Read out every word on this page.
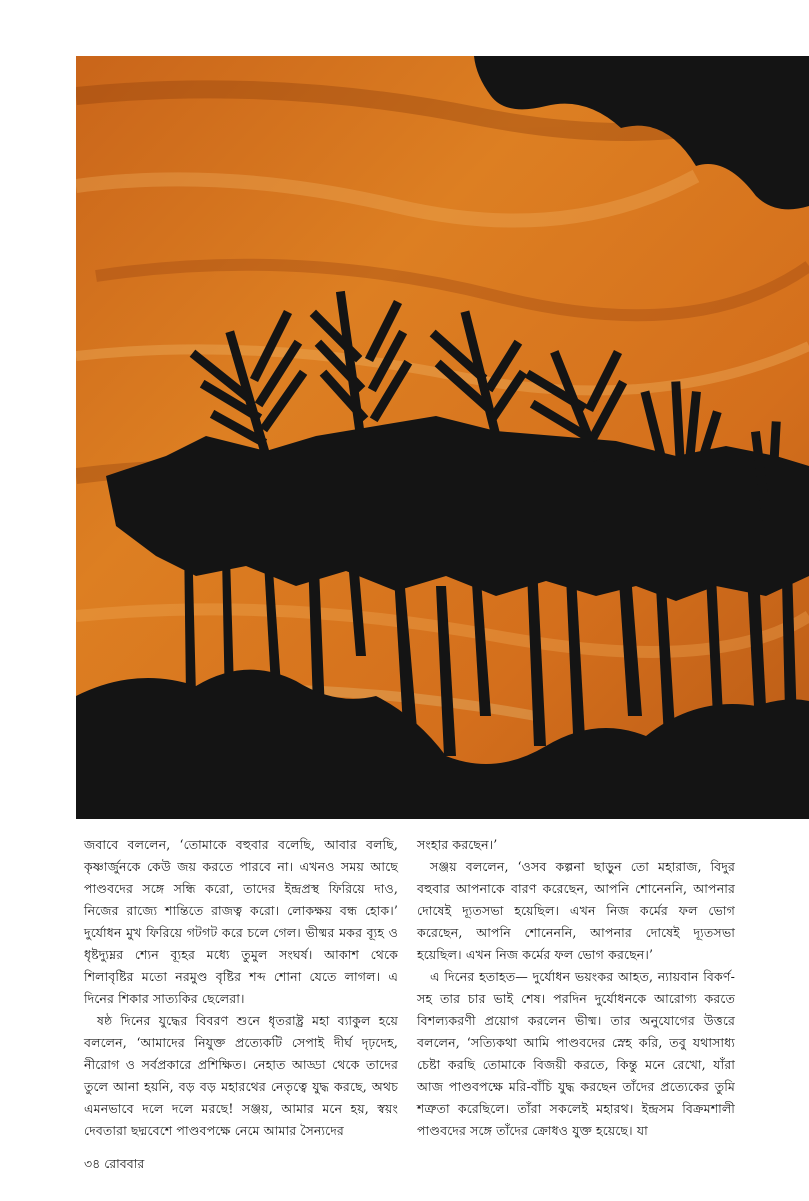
জবাবে বললেন, ‘তোমাকে বহুবার বলেছি, আবার বলছি, কৃষ্ণার্জুনকে কেউ জয় করতে পারবে না। এখনও সময় আছে পাণ্ডবদের সঙ্গে সন্ধি করো, তাদের ইন্দ্রপ্রস্থ ফিরিয়ে দাও, নিজের রাজ্যে শান্তিতে রাজত্ব করো। লোকক্ষয় বন্ধ হোক।’ দুর্যোধন মুখ ফিরিয়ে গটগট করে চলে গেল। ভীষ্মর মকর ব্যূহ ও ধৃষ্টদ্যুম্নর শ্যেন ব্যূহর মধ্যে তুমুল সংঘর্ষ। আকাশ থেকে শিলাবৃষ্টির মতো নরমুণ্ড বৃষ্টির শব্দ শোনা যেতে লাগল। এ দিনের শিকার সাত্যকির ছেলেরা।

ষষ্ঠ দিনের যুদ্ধের বিবরণ শুনে ধৃতরাষ্ট্র মহা ব্যাকুল হয়ে বললেন, ‘আমাদের নিযুক্ত প্রত্যেকটি সেপাই দীর্ঘ দৃঢ়দেহ, নীরোগ ও সর্বপ্রকারে প্রশিক্ষিত। নেহাত আড্ডা থেকে তাদের তুলে আনা হয়নি, বড় বড় মহারথের নেতৃত্বে যুদ্ধ করছে, অথচ এমনভাবে দলে দলে মরছে! সঞ্জয়, আমার মনে হয়, স্বয়ং দেবতারা ছদ্মবেশে পাণ্ডবপক্ষে নেমে আমার সৈন্যদের

সংহার করছেন।’

সঞ্জয় বললেন, ‘ওসব কল্পনা ছাড়ুন তো মহারাজ, বিদুর বহুবার আপনাকে বারণ করেছেন, আপনি শোনেননি, আপনার দোষেই দ্যূতসভা হয়েছিল। এখন নিজ কর্মের ফল ভোগ করেছেন, আপনি শোনেননি, আপনার দোষেই দ্যূতসভা হয়েছিল। এখন নিজ কর্মের ফল ভোগ করছেন।’

এ দিনের হতাহত— দুর্যোধন ভয়ংকর আহত, ন্যায়বান বিকর্ণ-সহ তার চার ভাই শেষ। পরদিন দুর্যোধনকে আরোগ্য করতে বিশল্যকরণী প্রয়োগ করলেন ভীষ্ম। তার অনুযোগের উত্তরে বললেন, ‘সত্যিকথা আমি পাণ্ডবদের স্নেহ করি, তবু যথাসাধ্য চেষ্টা করছি তোমাকে বিজয়ী করতে, কিন্তু মনে রেখো, যাঁরা আজ পাণ্ডবপক্ষে মরি-বাঁচি যুদ্ধ করছেন তাঁদের প্রত্যেকের তুমি শত্রুতা করেছিলে। তাঁরা সকলেই মহারথ। ইন্দ্রসম বিক্রমশালী পাণ্ডবদের সঙ্গে তাঁদের ক্রোধও যুক্ত হয়েছে। যা

৩৪ রোববার
